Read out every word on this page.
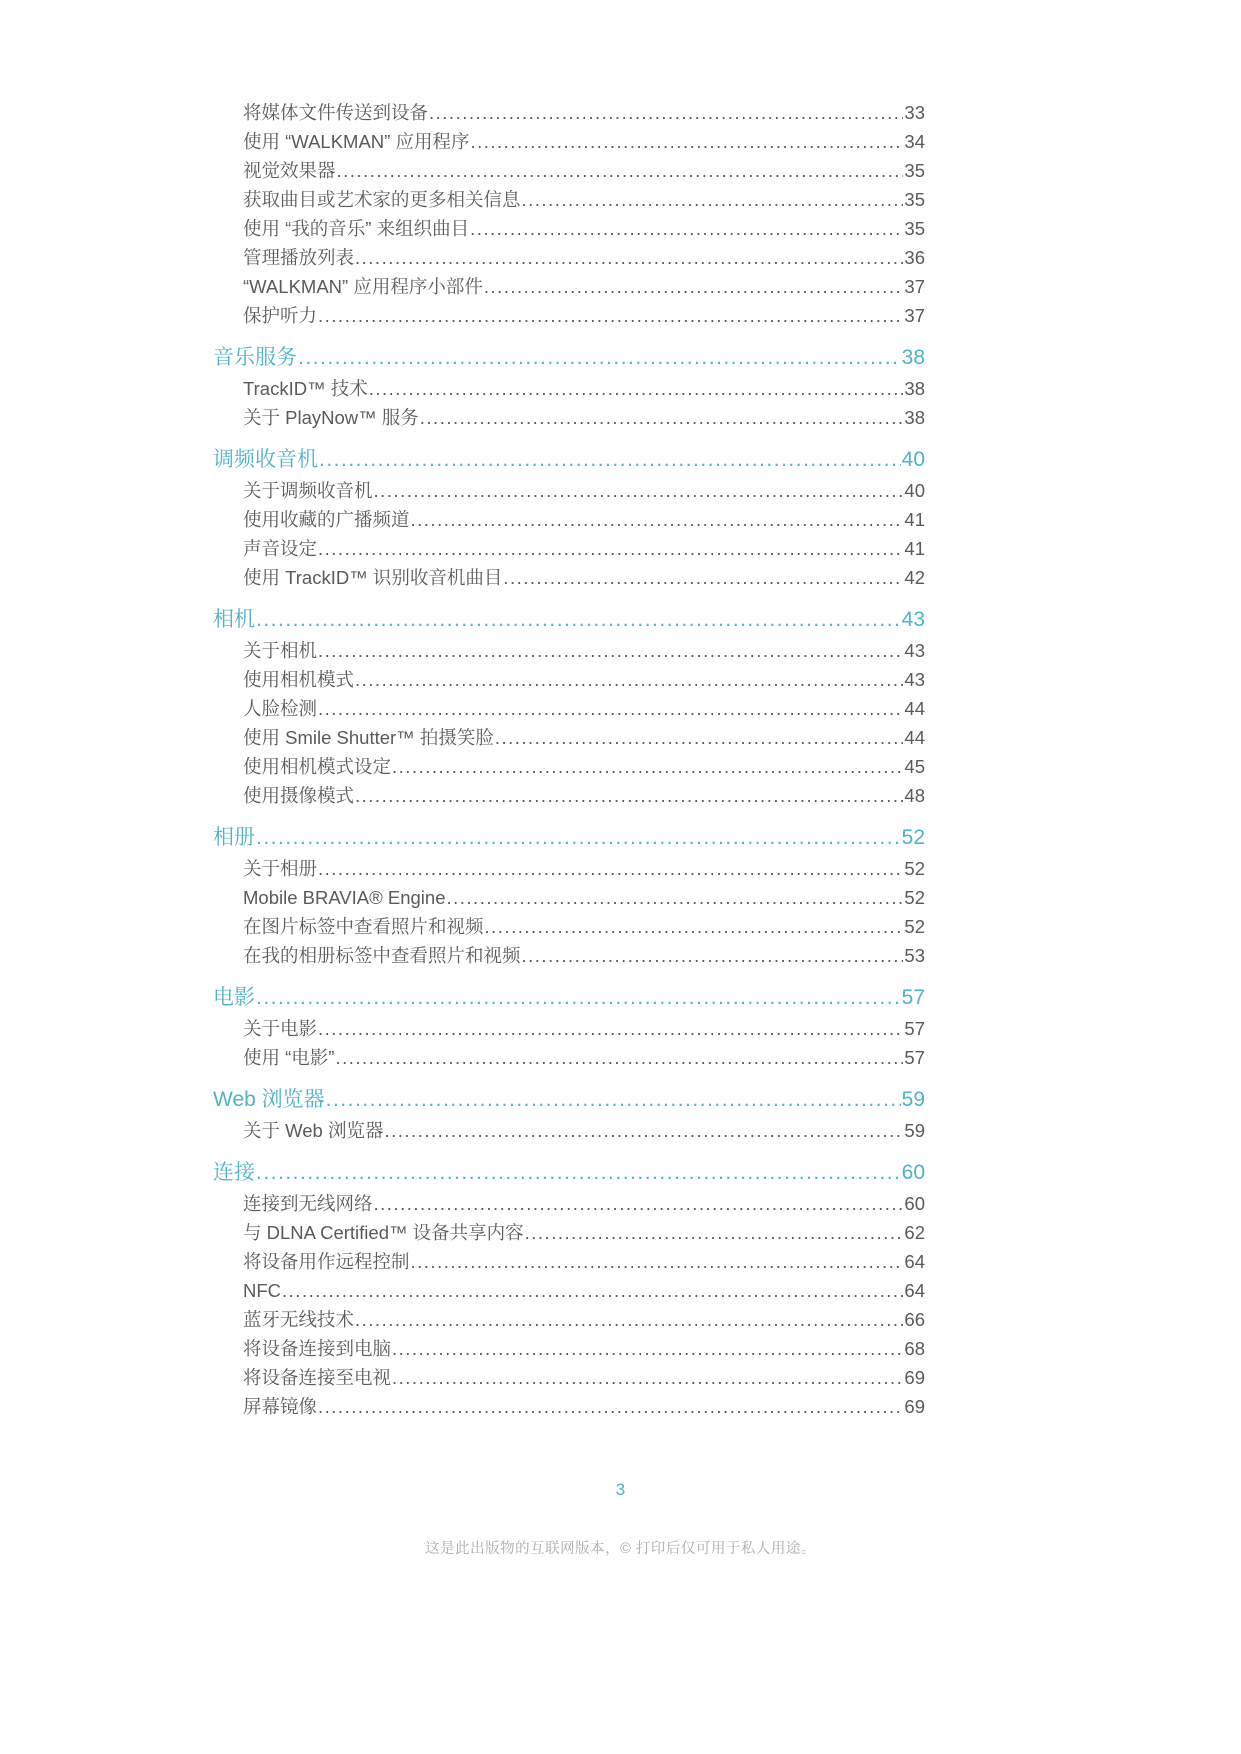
将媒体文件传送到设备 .....	33
使用 “WALKMAN” 应用程序 .....	34
视觉效果器 .....	35
获取曲目或艺术家的更多相关信息 .....	35
使用 “我的音乐” 来组织曲目 .....	35
管理播放列表 .....	36
“WALKMAN” 应用程序小部件 .....	37
保护听力 .....	37
音乐服务 .....	38
TrackID™ 技术 .....	38
关于 PlayNow™ 服务 .....	38
调频收音机 .....	40
关于调频收音机 .....	40
使用收藏的广播频道 .....	41
声音设定 .....	41
使用 TrackID™ 识别收音机曲目 .....	42
相机 .....	43
关于相机 .....	43
使用相机模式 .....	43
人脸检测 .....	44
使用 Smile Shutter™ 拍摄笑脸 .....	44
使用相机模式设定 .....	45
使用摄像模式 .....	48
相册 .....	52
关于相册 .....	52
Mobile BRAVIA® Engine .....	52
在图片标签中查看照片和视频 .....	52
在我的相册标签中查看照片和视频 .....	53
电影 .....	57
关于电影 .....	57
使用 “电影” .....	57
Web 浏览器 .....	59
关于 Web 浏览器 .....	59
连接 .....	60
连接到无线网络 .....	60
与 DLNA Certified™ 设备共享内容 .....	62
将设备用作远程控制 .....	64
NFC .....	64
蓝牙无线技术 .....	66
将设备连接到电脑 .....	68
将设备连接至电视 .....	69
屏幕镜像 .....	69
3
这是此出版物的互联网版本，© 打印后仅可用于私人用途。
